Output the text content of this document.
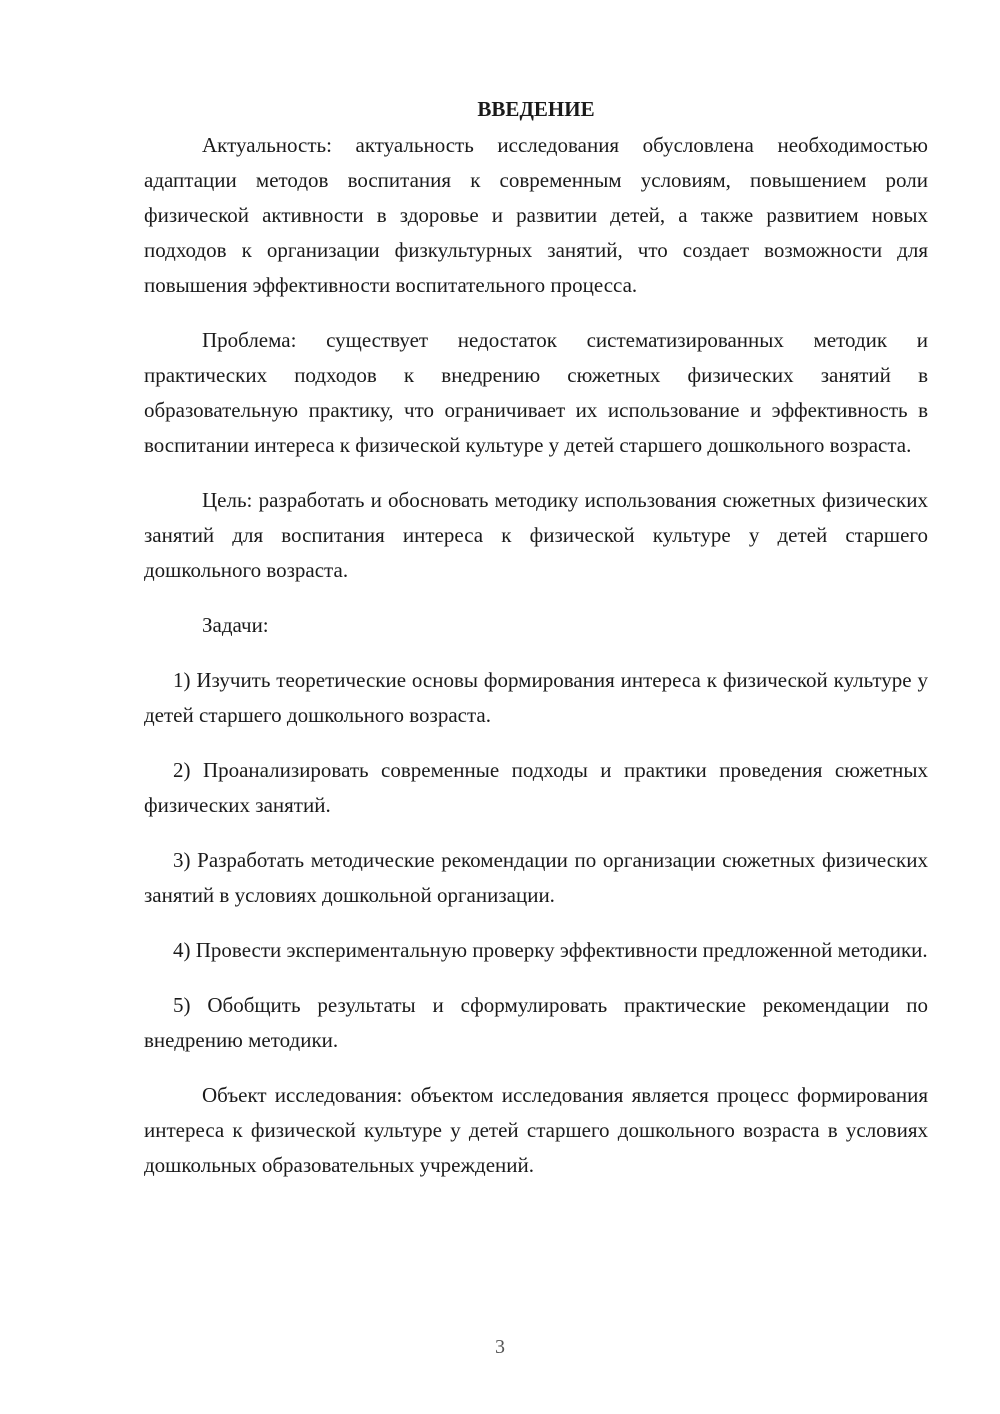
ВВЕДЕНИЕ

Актуальность: актуальность исследования обусловлена необходимостью адаптации методов воспитания к современным условиям, повышением роли физической активности в здоровье и развитии детей, а также развитием новых подходов к организации физкультурных занятий, что создает возможности для повышения эффективности воспитательного процесса.

Проблема: существует недостаток систематизированных методик и практических подходов к внедрению сюжетных физических занятий в образовательную практику, что ограничивает их использование и эффективность в воспитании интереса к физической культуре у детей старшего дошкольного возраста.

Цель: разработать и обосновать методику использования сюжетных физических занятий для воспитания интереса к физической культуре у детей старшего дошкольного возраста.

Задачи:

1) Изучить теоретические основы формирования интереса к физической культуре у детей старшего дошкольного возраста.

2) Проанализировать современные подходы и практики проведения сюжетных физических занятий.

3) Разработать методические рекомендации по организации сюжетных физических занятий в условиях дошкольной организации.

4) Провести экспериментальную проверку эффективности предложенной методики.

5) Обобщить результаты и сформулировать практические рекомендации по внедрению методики.

Объект исследования: объектом исследования является процесс формирования интереса к физической культуре у детей старшего дошкольного возраста в условиях дошкольных образовательных учреждений.

3
